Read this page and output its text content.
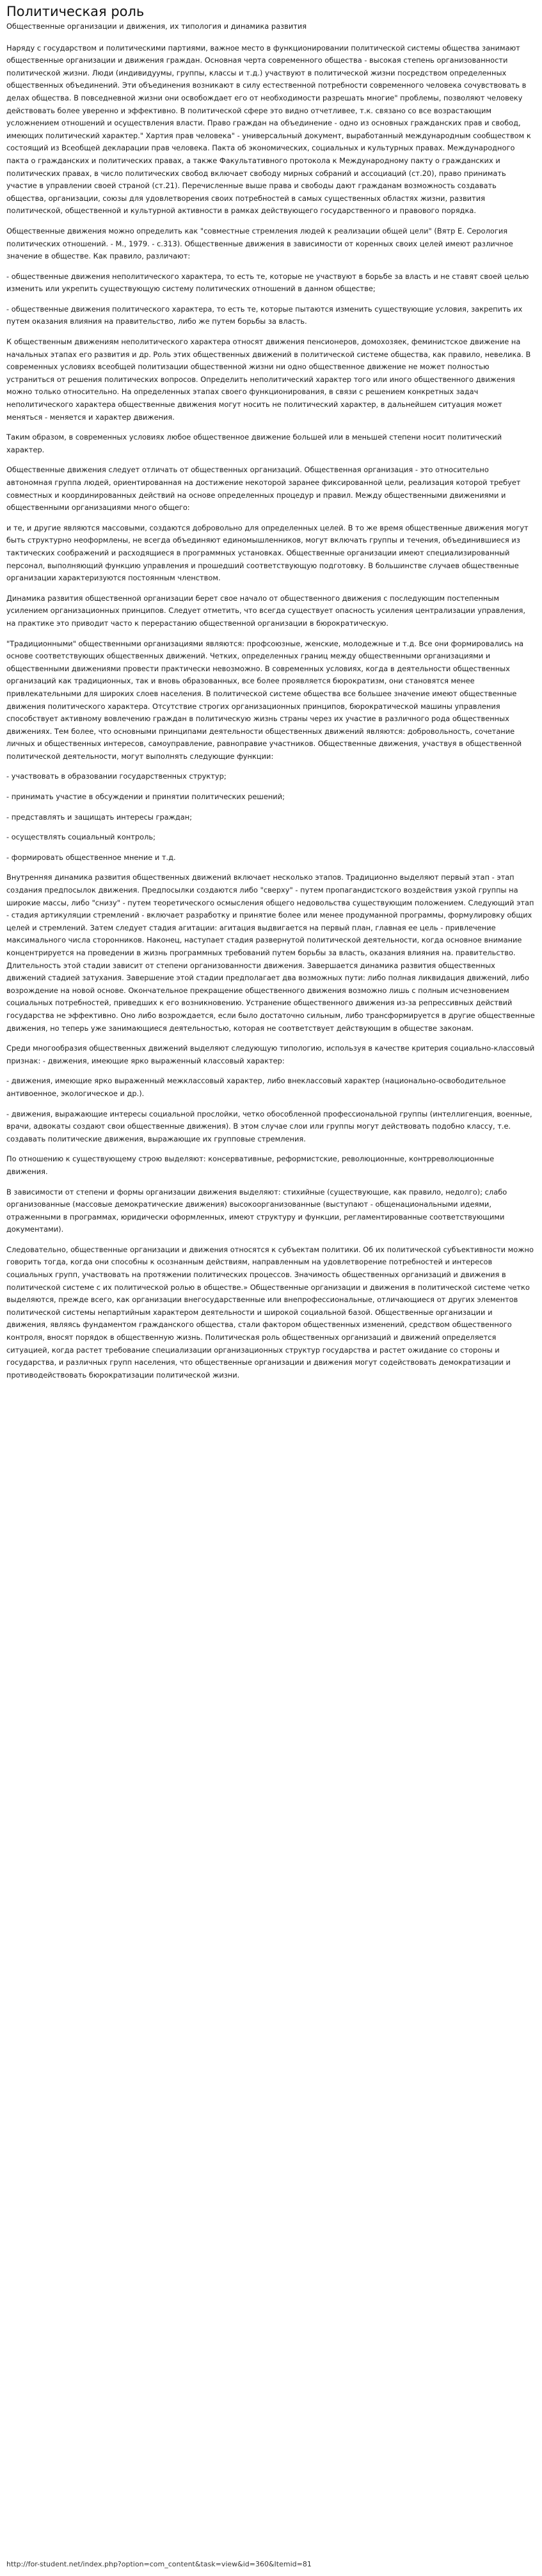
Политическая роль

Общественные организации и движения, их типология и динамика развития

Наряду с государством и политическими партиями, важное место в функционировании политической системы общества занимают общественные организации и движения граждан. Основная черта современного общества - высокая степень организованности политической жизни. Люди (индивидуумы, группы, классы и т.д.) участвуют в политической жизни посредством определенных общественных объединений. Эти объединения возникают в силу естественной потребности современного человека сочувствовать в делах общества. В повседневной жизни они освобождает его от необходимости разрешать многие" проблемы, позволяют человеку действовать более уверенно и эффективно. В политической сфере это видно отчетливее, т.к. связано со все возрастающим усложнением отношений и осуществления власти. Право граждан на объединение - одно из основных гражданских прав и свобод, имеющих политический характер." Хартия прав человека" - универсальный документ, выработанный международным сообществом к состоящий из Всеобщей декларации прав человека. Пакта об экономических, социальных и культурных правах. Международного пакта о гражданских и политических правах, а также Факультативного протокола к Международному пакту о гражданских и политических правах, в число политических свобод включает свободу мирных собраний и ассоциаций (ст.20), право принимать участие в управлении своей страной (ст.21). Перечисленные выше права и свободы дают гражданам возможность создавать общества, организации, союзы для удовлетворения своих потребностей в самых существенных областях жизни, развития политической, общественной и культурной активности в рамках действующего государственного и правового порядка.

Общественные движения можно определить как "совместные стремления людей к реализации общей цели" (Вятр Е. Серология политических отношений. - М., 1979. - с.313). Общественные движения в зависимости от коренных своих целей имеют различное значение в обществе. Как правило, различают:

- общественные движения неполитического характера, то есть те, которые не участвуют в борьбе за власть и не ставят своей целью изменить или укрепить существующую систему политических отношений в данном обществе;

- общественные движения политического характера, то есть те, которые пытаются изменить существующие условия, закрепить их путем оказания влияния на правительство, либо же путем борьбы за власть.

К общественным движениям неполитического характера относят движения пенсионеров, домохозяек, феминистское движение на начальных этапах его развития и др. Роль этих общественных движений в политической системе общества, как правило, невелика. В современных условиях всеобщей политизации общественной жизни ни одно общественное движение не может полностью устраниться от решения политических вопросов. Определить неполитический характер того или иного общественного движения можно только относительно. На определенных этапах своего функционирования, в связи с решением конкретных задач неполитического характера общественные движения могут носить не политический характер, в дальнейшем ситуация может меняться - меняется и характер движения.

Таким образом, в современных условиях любое общественное движение большей или в меньшей степени носит политический характер.

Общественные движения следует отличать от общественных организаций. Общественная организация - это относительно автономная группа людей, ориентированная на достижение некоторой заранее фиксированной цели, реализация которой требует совместных и координированных действий на основе определенных процедур и правил. Между общественными движениями и общественными организациями много общего:

и те, и другие являются массовыми, создаются добровольно для определенных целей. В то же время общественные движения могут быть структурно неоформлены, не всегда объединяют единомышленников, могут включать группы и течения, объединившиеся из тактических соображений и расходящиеся в программных установках. Общественные организации имеют специализированный персонал, выполняющий функцию управления и прошедший соответствующую подготовку. В большинстве случаев общественные организации характеризуются постоянным членством.

Динамика развития общественной организации берет свое начало от общественного движения с последующим постепенным усилением организационных принципов. Следует отметить, что всегда существует опасность усиления централизации управления, на практике это приводит часто к перерастанию общественной организации в бюрократическую.

"Традиционными" общественными организациями являются: профсоюзные, женские, молодежные и т.д. Все они формировались на основе соответствующих общественных движений. Четких, определенных границ между общественными организациями и общественными движениями провести практически невозможно. В современных условиях, когда в деятельности общественных организаций как традиционных, так и вновь образованных, все более проявляется бюрократизм, они становятся менее привлекательными для широких слоев населения. В политической системе общества все большее значение имеют общественные движения политического характера. Отсутствие строгих организационных принципов, бюрократической машины управления способствует активному вовлечению граждан в политическую жизнь страны через их участие в различного рода общественных движениях. Тем более, что основными принципами деятельности общественных движений являются: добровольность, сочетание личных и общественных интересов, самоуправление, равноправие участников. Общественные движения, участвуя в общественной политической деятельности, могут выполнять следующие функции:

- участвовать в образовании государственных структур;

- принимать участие в обсуждении и принятии политических решений;

- представлять и защищать интересы граждан;

- осуществлять социальный контроль;

- формировать общественное мнение и т.д.

Внутренняя динамика развития общественных движений включает несколько этапов. Традиционно выделяют первый этап - этап создания предпосылок движения. Предпосылки создаются либо "сверху" - путем пропагандистского воздействия узкой группы на широкие массы, либо "снизу" - путем теоретического осмысления общего недовольства существующим положением. Следующий этап - стадия артикуляции стремлений - включает разработку и принятие более или менее продуманной программы, формулировку общих целей и стремлений. Затем следует стадия агитации: агитация выдвигается на первый план, главная ее цель - привлечение максимального числа сторонников. Наконец, наступает стадия развернутой политической деятельности, когда основное внимание концентрируется на проведении в жизнь программных требований путем борьбы за власть, оказания влияния на. правительство. Длительность этой стадии зависит от степени организованности движения. Завершается динамика развития общественных движений стадией затухания. Завершение этой стадии предполагает два возможных пути: либо полная ликвидация движений, либо возрождение на новой основе. Окончательное прекращение общественного движения возможно лишь с полным исчезновением социальных потребностей, приведших к его возникновению. Устранение общественного движения из-за репрессивных действий государства не эффективно. Оно либо возрождается, если было достаточно сильным, либо трансформируется в другие общественные движения, но теперь уже занимающиеся деятельностью, которая не соответствует действующим в обществе законам.

Среди многообразия общественных движений выделяют следующую типологию, используя в качестве критерия социально-классовый признак: - движения, имеющие ярко выраженный классовый характер:

- движения, имеющие ярко выраженный межклассовый характер, либо внеклассовый характер (национально-освободительное антивоенное, экологическое и др.).

- движения, выражающие интересы социальной прослойки, четко обособленной профессиональной группы (интеллигенция, военные, врачи, адвокаты создают свои общественные движения). В этом случае слои или группы могут действовать подобно классу, т.е. создавать политические движения, выражающие их групповые стремления.

По отношению к существующему строю выделяют: консервативные, реформистские, революционные, контрреволюционные движения.

В зависимости от степени и формы организации движения выделяют: стихийные (существующие, как правило, недолго); слабо организованные (массовые демократические движения) высокоорганизованные (выступают - общенациональными идеями, отраженными в программах, юридически оформленных, имеют структуру и функции, регламентированные соответствующими документами).

Следовательно, общественные организации и движения относятся к субъектам политики. Об их политической субъективности можно говорить тогда, когда они способны к осознанным действиям, направленным на удовлетворение потребностей и интересов социальных групп, участвовать на протяжении политических процессов. Значимость общественных организаций и движения в политической системе с их политической ролью в обществе.» Общественные организации и движения в политической системе четко выделяются, прежде всего, как организации внегосударственные или внепрофессиональные, отличающиеся от других элементов политической системы непартийным характером деятельности и широкой социальной базой. Общественные организации и движения, являясь фундаментом гражданского общества, стали фактором общественных изменений, средством общественного контроля, вносят порядок в общественную жизнь. Политическая роль общественных организаций и движений определяется ситуацией, когда растет требование специализации организационных структур государства и растет ожидание со стороны и государства, и различных групп населения, что общественные организации и движения могут содействовать демократизации и противодействовать бюрократизации политической жизни.

http://for-student.net/index.php?option=com_content&task=view&id=360&Itemid=81
